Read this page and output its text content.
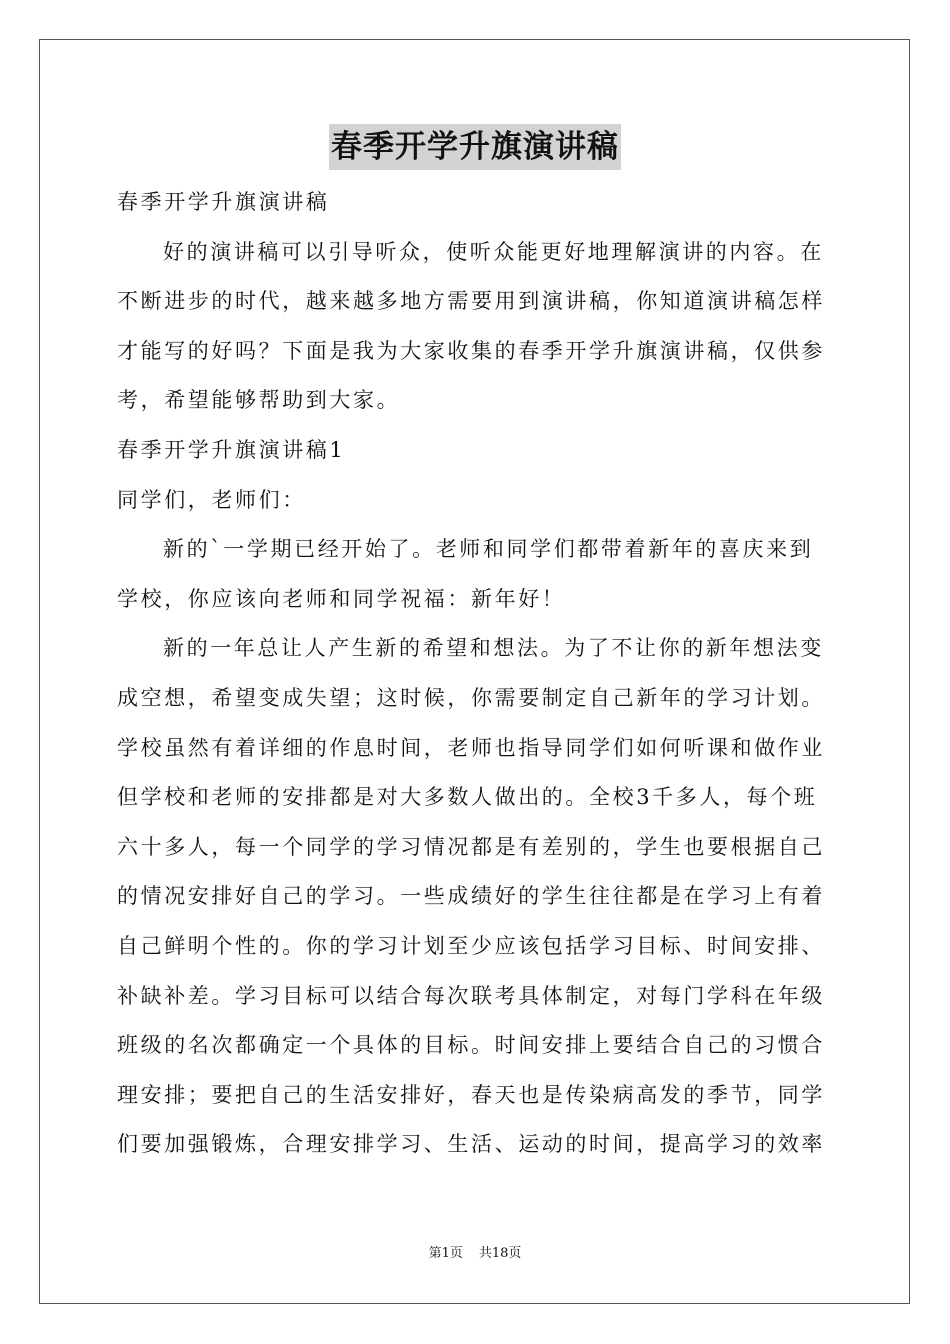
春季开学升旗演讲稿
春季开学升旗演讲稿
好的演讲稿可以引导听众，使听众能更好地理解演讲的内容。在
不断进步的时代，越来越多地方需要用到演讲稿，你知道演讲稿怎样
才能写的好吗？下面是我为大家收集的春季开学升旗演讲稿，仅供参
考，希望能够帮助到大家。
春季开学升旗演讲稿1
同学们，老师们：
新的`一学期已经开始了。老师和同学们都带着新年的喜庆来到
学校，你应该向老师和同学祝福：新年好！
新的一年总让人产生新的希望和想法。为了不让你的新年想法变
成空想，希望变成失望；这时候，你需要制定自己新年的学习计划。
学校虽然有着详细的作息时间，老师也指导同学们如何听课和做作业
但学校和老师的安排都是对大多数人做出的。全校3千多人，每个班
六十多人，每一个同学的学习情况都是有差别的，学生也要根据自己
的情况安排好自己的学习。一些成绩好的学生往往都是在学习上有着
自己鲜明个性的。你的学习计划至少应该包括学习目标、时间安排、
补缺补差。学习目标可以结合每次联考具体制定，对每门学科在年级
班级的名次都确定一个具体的目标。时间安排上要结合自己的习惯合
理安排；要把自己的生活安排好，春天也是传染病高发的季节，同学
们要加强锻炼，合理安排学习、生活、运动的时间，提高学习的效率
第1页 共18页
